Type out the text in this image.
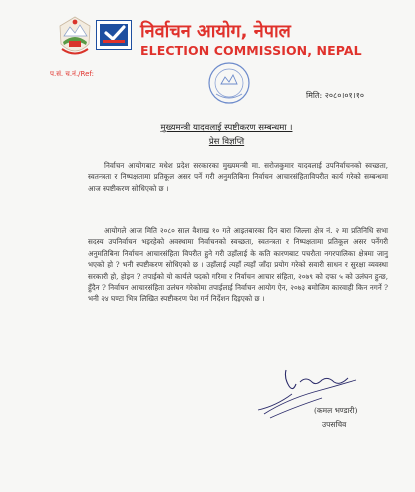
निर्वाचन आयोग, नेपाल
ELECTION COMMISSION, NEPAL
प.सं. च.नं./Ref:
मिति: २०८०।०१।१०
मुख्यमन्त्री यादवलाई स्पष्टीकरण सम्बन्धमा ।
प्रेस विज्ञप्ति

निर्वाचन आयोगबाट मधेश प्रदेश सरकारका मुख्यमन्त्री मा. सरोजकुमार यादवलाई उपनिर्वाचनको स्वच्छता, स्वतन्त्रता र निष्पक्षतामा प्रतिकूल असर पर्ने गरी अनुमतिबिना निर्वाचन आचारसंहिताविपरीत कार्य गरेको सम्बन्धमा आज स्पष्टीकरण सोधिएको छ ।

आयोगले आज मिति २०८० साल वैशाख १० गते आइतबारका दिन बारा जिल्ला क्षेत्र नं. २ मा प्रतिनिधि सभा सदस्य उपनिर्वाचन भइरहेको अवस्थामा निर्वाचनको स्वच्छता, स्वतन्त्रता र निष्पक्षतामा प्रतिकूल असर पर्नेगरी अनुमतिबिना निर्वाचन आचारसंहिता विपरीत हुने गरी उहाँलाई के कति कारणबाट पचरौता नगरपालिका क्षेत्रमा जानु भएको हो ? भनी स्पष्टीकरण सोधिएको छ । उहाँलाई त्यहाँ त्यहाँ जाँदा प्रयोग गरेको सवारी साधन र सुरक्षा व्यवस्था सरकारी हो, होइन ? तपाईको यो कार्यले पदको गरिमा र निर्वाचन आचार संहिता, २०७९ को दफा ५ को उलंघन हुन्छ, हुँदैन ? निर्वाचन आचारसंहिता उलंघन गरेकोमा तपाईलाई निर्वाचन आयोग ऐन, २०७३ बमोजिम कारवाही किन नगर्ने ? भनी २४ घण्टा भित्र लिखित स्पष्टीकरण पेश गर्न निर्देशन दिइएको छ ।

(कमल भण्डारी)
उपसचिव
